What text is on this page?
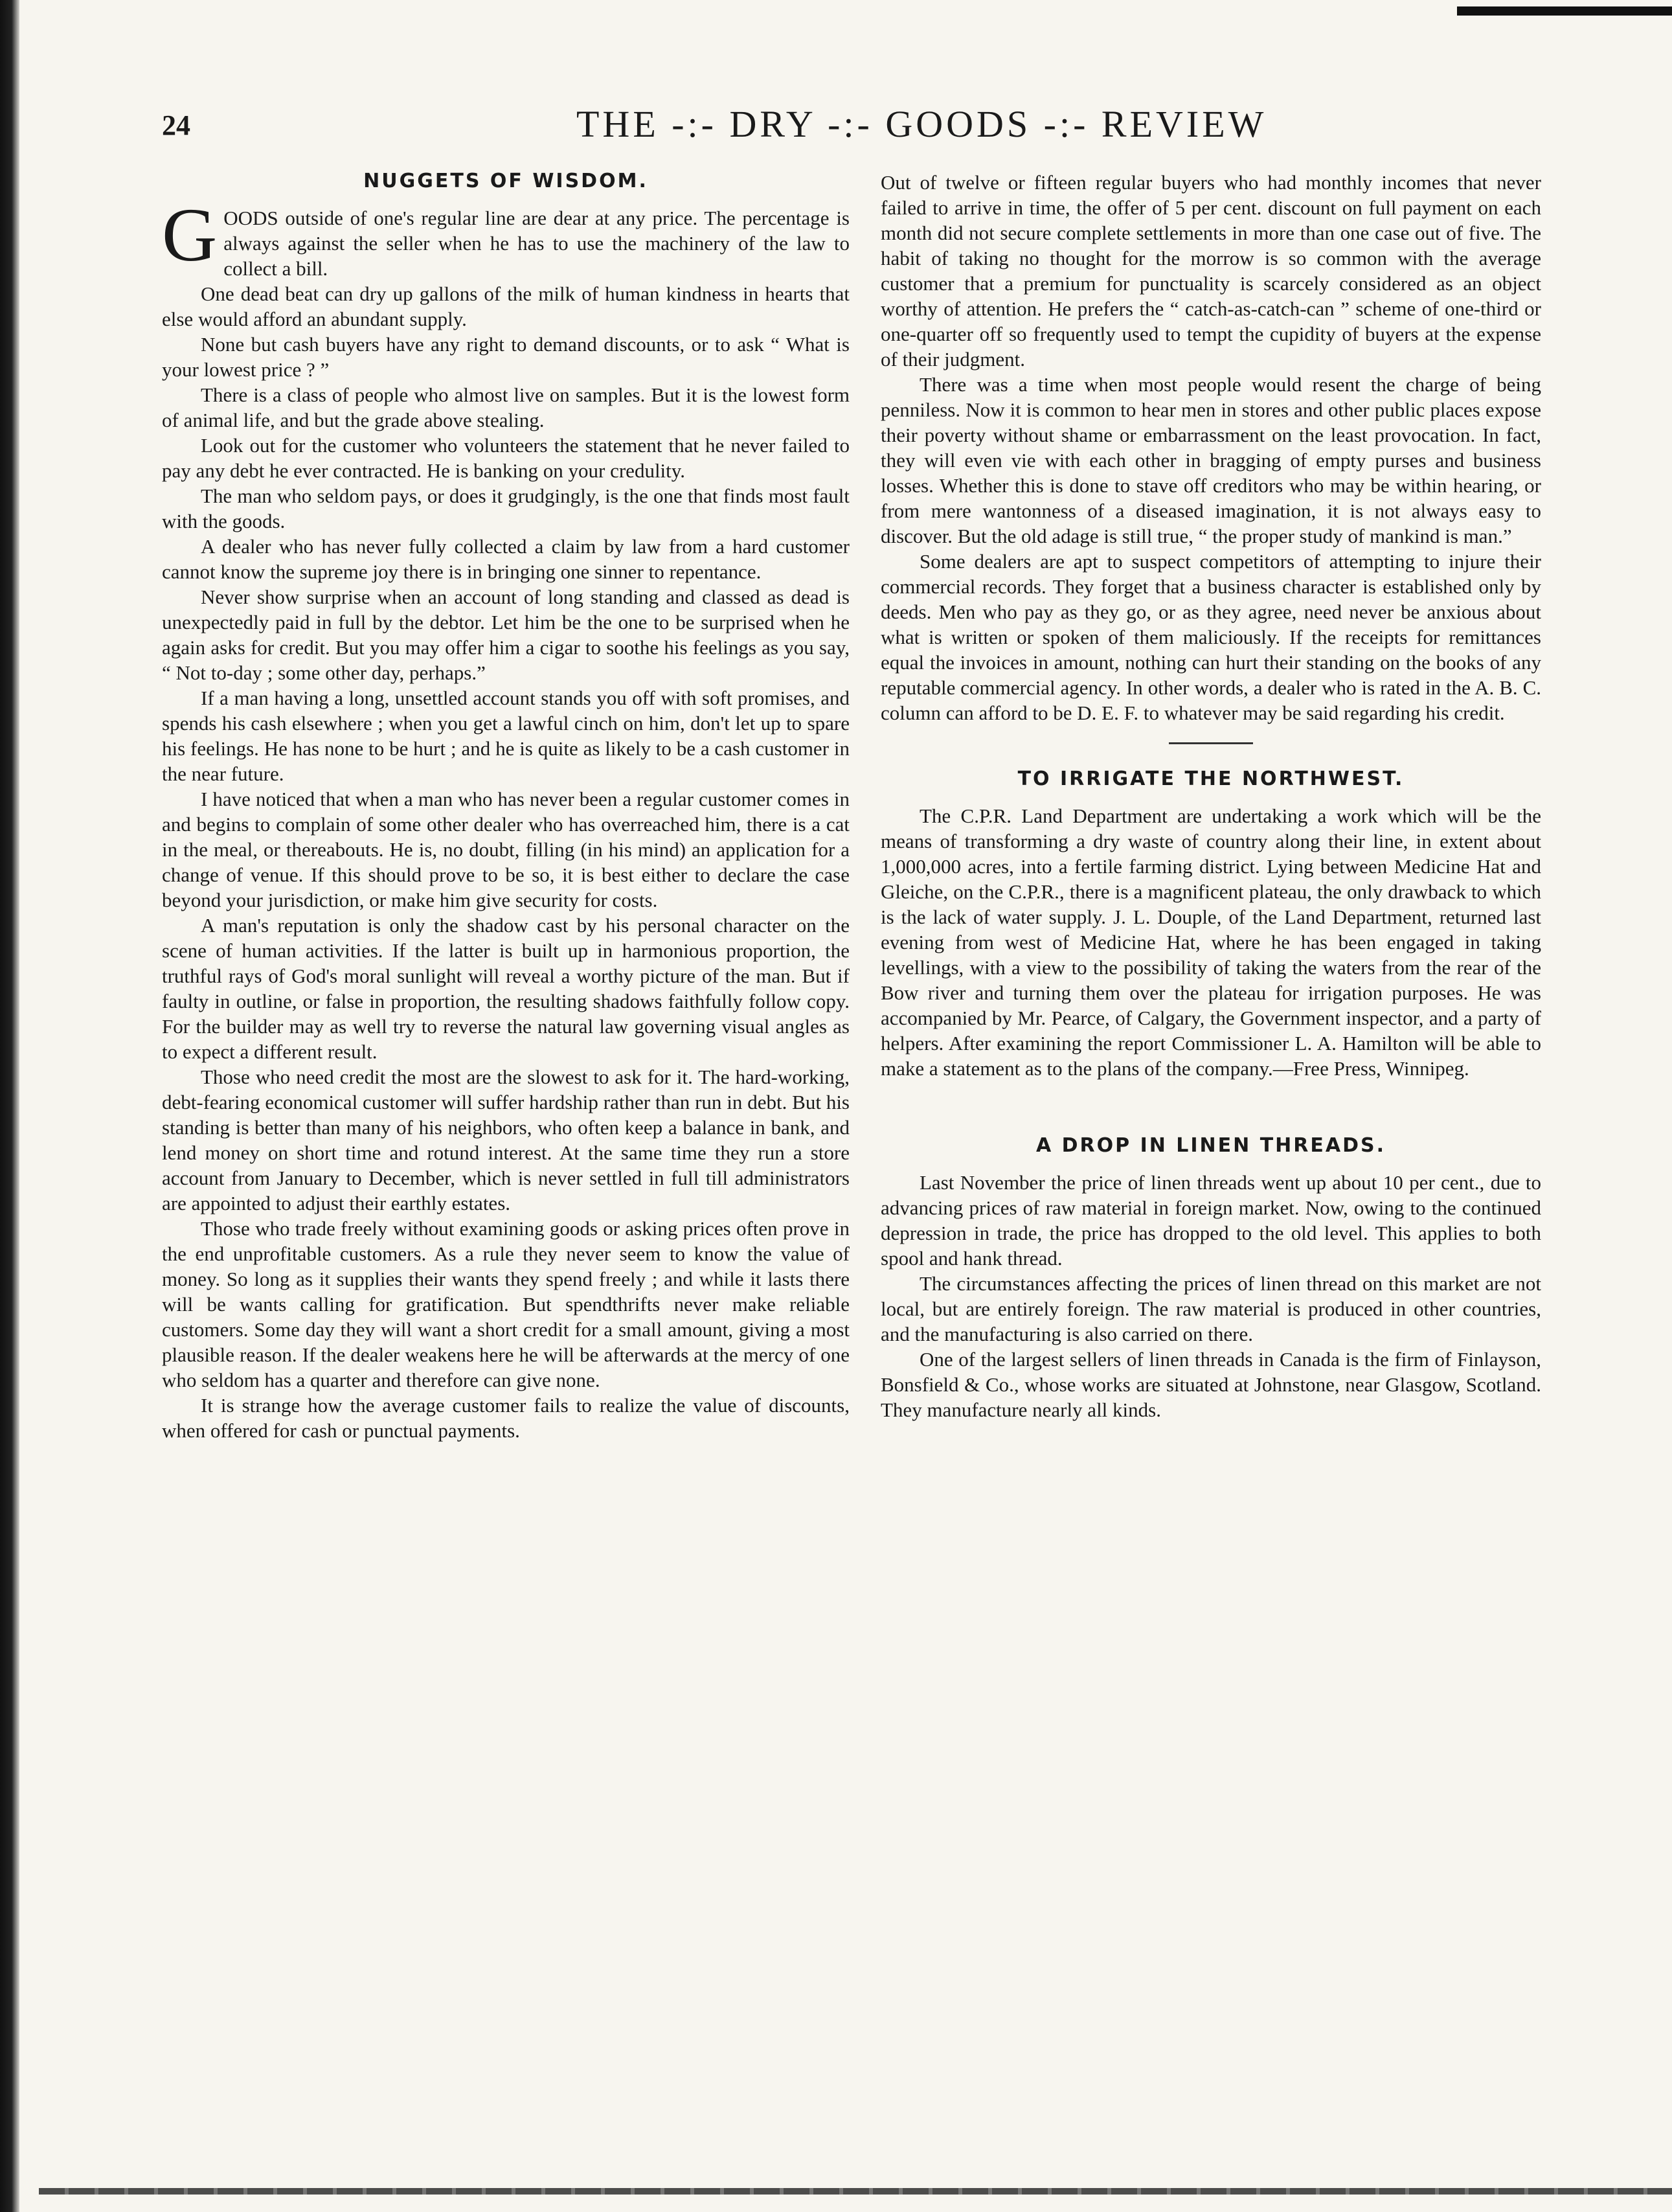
24	THE -:- DRY -:- GOODS -:- REVIEW
NUGGETS OF WISDOM.

GOODS outside of one's regular line are dear at any price. The percentage is always against the seller when he has to use the machinery of the law to collect a bill.

One dead beat can dry up gallons of the milk of human kindness in hearts that else would afford an abundant supply.

None but cash buyers have any right to demand discounts, or to ask “ What is your lowest price ? ”

There is a class of people who almost live on samples. But it is the lowest form of animal life, and but the grade above stealing.

Look out for the customer who volunteers the statement that he never failed to pay any debt he ever contracted. He is banking on your credulity.

The man who seldom pays, or does it grudgingly, is the one that finds most fault with the goods.

A dealer who has never fully collected a claim by law from a hard customer cannot know the supreme joy there is in bringing one sinner to repentance.

Never show surprise when an account of long standing and classed as dead is unexpectedly paid in full by the debtor. Let him be the one to be surprised when he again asks for credit. But you may offer him a cigar to soothe his feelings as you say, “ Not to-day ; some other day, perhaps.”

If a man having a long, unsettled account stands you off with soft promises, and spends his cash elsewhere ; when you get a lawful cinch on him, don't let up to spare his feelings. He has none to be hurt ; and he is quite as likely to be a cash customer in the near future.

I have noticed that when a man who has never been a regular customer comes in and begins to complain of some other dealer who has overreached him, there is a cat in the meal, or thereabouts. He is, no doubt, filling (in his mind) an application for a change of venue. If this should prove to be so, it is best either to declare the case beyond your jurisdiction, or make him give security for costs.

A man's reputation is only the shadow cast by his personal character on the scene of human activities. If the latter is built up in harmonious proportion, the truthful rays of God's moral sunlight will reveal a worthy picture of the man. But if faulty in outline, or false in proportion, the resulting shadows faithfully follow copy. For the builder may as well try to reverse the natural law governing visual angles as to expect a different result.

Those who need credit the most are the slowest to ask for it. The hard-working, debt-fearing economical customer will suffer hardship rather than run in debt. But his standing is better than many of his neighbors, who often keep a balance in bank, and lend money on short time and rotund interest. At the same time they run a store account from January to December, which is never settled in full till administrators are appointed to adjust their earthly estates.

Those who trade freely without examining goods or asking prices often prove in the end unprofitable customers. As a rule they never seem to know the value of money. So long as it supplies their wants they spend freely ; and while it lasts there will be wants calling for gratification. But spendthrifts never make reliable customers. Some day they will want a short credit for a small amount, giving a most plausible reason. If the dealer weakens here he will be afterwards at the mercy of one who seldom has a quarter and therefore can give none.

It is strange how the average customer fails to realize the value of discounts, when offered for cash or punctual payments.

Out of twelve or fifteen regular buyers who had monthly incomes that never failed to arrive in time, the offer of 5 per cent. discount on full payment on each month did not secure complete settlements in more than one case out of five. The habit of taking no thought for the morrow is so common with the average customer that a premium for punctuality is scarcely considered as an object worthy of attention. He prefers the “ catch-as-catch-can ” scheme of one-third or one-quarter off so frequently used to tempt the cupidity of buyers at the expense of their judgment.

There was a time when most people would resent the charge of being penniless. Now it is common to hear men in stores and other public places expose their poverty without shame or embarrassment on the least provocation. In fact, they will even vie with each other in bragging of empty purses and business losses. Whether this is done to stave off creditors who may be within hearing, or from mere wantonness of a diseased imagination, it is not always easy to discover. But the old adage is still true, “ the proper study of mankind is man.”

Some dealers are apt to suspect competitors of attempting to injure their commercial records. They forget that a business character is established only by deeds. Men who pay as they go, or as they agree, need never be anxious about what is written or spoken of them maliciously. If the receipts for remittances equal the invoices in amount, nothing can hurt their standing on the books of any reputable commercial agency. In other words, a dealer who is rated in the A. B. C. column can afford to be D. E. F. to whatever may be said regarding his credit.

TO IRRIGATE THE NORTHWEST.

The C.P.R. Land Department are undertaking a work which will be the means of transforming a dry waste of country along their line, in extent about 1,000,000 acres, into a fertile farming district. Lying between Medicine Hat and Gleiche, on the C.P.R., there is a magnificent plateau, the only drawback to which is the lack of water supply. J. L. Douple, of the Land Department, returned last evening from west of Medicine Hat, where he has been engaged in taking levellings, with a view to the possibility of taking the waters from the rear of the Bow river and turning them over the plateau for irrigation purposes. He was accompanied by Mr. Pearce, of Calgary, the Government inspector, and a party of helpers. After examining the report Commissioner L. A. Hamilton will be able to make a statement as to the plans of the company.—Free Press, Winnipeg.

A DROP IN LINEN THREADS.

Last November the price of linen threads went up about 10 per cent., due to advancing prices of raw material in foreign market. Now, owing to the continued depression in trade, the price has dropped to the old level. This applies to both spool and hank thread.

The circumstances affecting the prices of linen thread on this market are not local, but are entirely foreign. The raw material is produced in other countries, and the manufacturing is also carried on there.

One of the largest sellers of linen threads in Canada is the firm of Finlayson, Bonsfield & Co., whose works are situated at Johnstone, near Glasgow, Scotland. They manufacture nearly all kinds.
